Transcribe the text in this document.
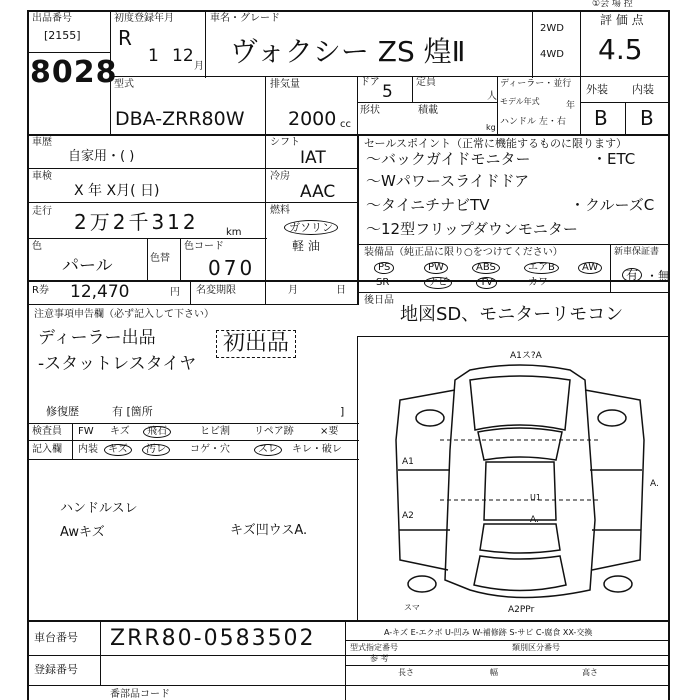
①会 場 控
出品番号
[2155]
8028
初度登録年月
R
1 12
月
車名・グレード
ヴォクシー ZS 煌Ⅱ
2WD
4WD
評 価 点
4.5
型式
DBA-ZRR80W
排気量
2000 cc
ドア 5 定員
人
形状	積載
kg
ディーラー・並行
モデル年式	年
ハンドル 左・右
外装 内装
B B
車歴
自家用・( )
シフト
IAT
車検
X 年 X月( 日)
冷房
AAC
走行 2万2千312	km
燃料
ガソリン
軽 油
色
パール	色替
色コード
070
R券 12,470	円 名変期限	月	日
注意事項申告欄（必ず記入して下さい）
ディーラー出品
-スタットレスタイヤ
初出品
修復歴	有 [箇所	]
検査員
記入欄
FW キズ	飛石	ヒビ割 リペア跡	×要
内装	キズ	汚レ	コゲ・穴	スレ	キレ・破レ
ハンドルスレ
Awキズ	キズ凹ウスA.
セールスポイント（正常に機能するものに限ります）
〜バックガイドモニター	・ETC
〜Wパワースライドドア
〜タイニチナビTV	・クルーズC
〜12型フリップダウンモニター
装備品（純正品に限り○をつけてください）	新車保証書
PS	PW	ABS	エアB	AW
SR	ナビ	TV	カワ
有 ・無
後日品
地図SD、モニターリモコン
A1ス?A
A1
A2
A.
U1
A.
A2PPr
スマ
車台番号 ZRR80-0583502
登録番号
A-キズ E-エクボ U-凹み W-補修跡 S-サビ C-腐食 XX-交換
型式指定番号	類別区分番号
参 考
長さ	幅	高さ
番部品コード
